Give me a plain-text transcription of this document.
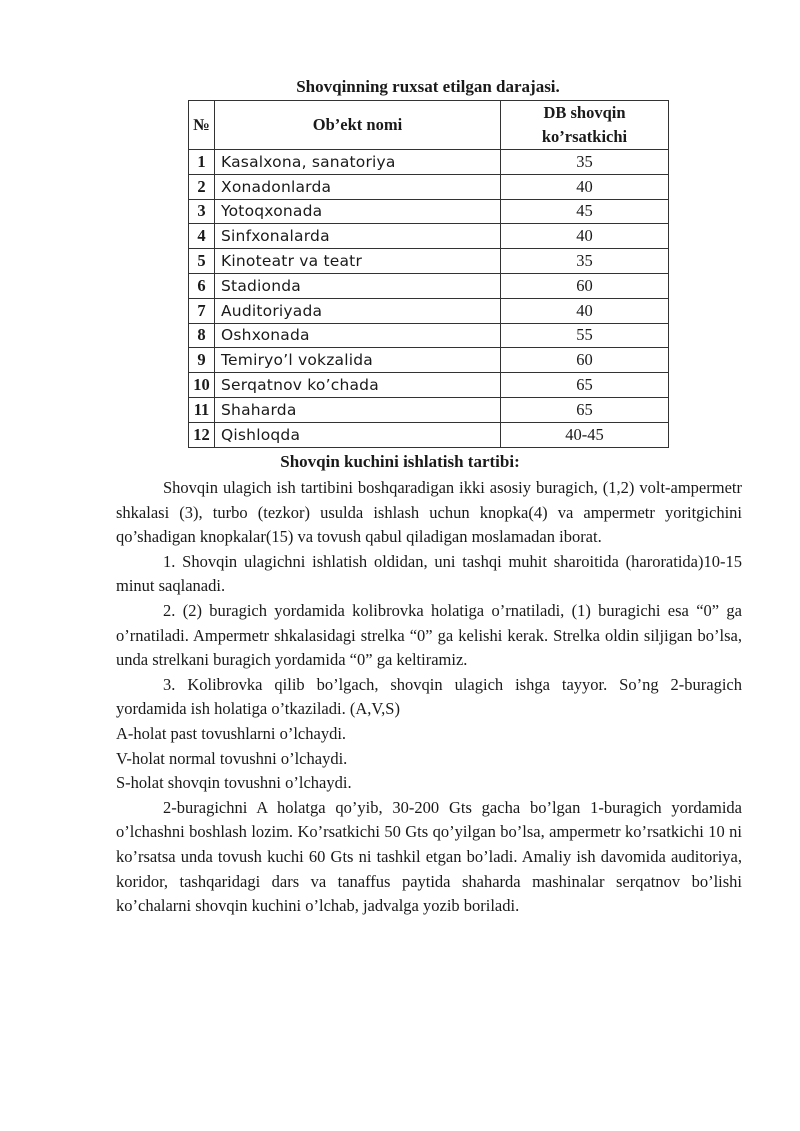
Shovqinning ruxsat etilgan darajasi.
№	Ob’ekt nomi	DB shovqin ko’rsatkichi
1	Kasalxona, sanatoriya	35
2	Xonadonlarda	40
3	Yotoqxonada	45
4	Sinfxonalarda	40
5	Kinoteatr va teatr	35
6	Stadionda	60
7	Auditoriyada	40
8	Oshxonada	55
9	Temiryo’l vokzalida	60
10	Serqatnov ko’chada	65
11	Shaharda	65
12	Qishloqda	40-45
Shovqin kuchini ishlatish tartibi:

Shovqin ulagich ish tartibini boshqaradigan ikki asosiy buragich, (1,2) volt-ampermetr shkalasi (3), turbo (tezkor) usulda ishlash uchun knopka(4) va ampermetr yoritgichini qo’shadigan knopkalar(15) va tovush qabul qiladigan moslamadan iborat.

1. Shovqin ulagichni ishlatish oldidan, uni tashqi muhit sharoitida (haroratida)10-15 minut saqlanadi.

2. (2) buragich yordamida kolibrovka holatiga o’rnatiladi, (1) buragichi esa “0” ga o’rnatiladi. Ampermetr shkalasidagi strelka “0” ga kelishi kerak. Strelka oldin siljigan bo’lsa, unda strelkani buragich yordamida “0” ga keltiramiz.

3. Kolibrovka qilib bo’lgach, shovqin ulagich ishga tayyor. So’ng 2-buragich yordamida ish holatiga o’tkaziladi. (A,V,S)

A-holat past tovushlarni o’lchaydi.

V-holat normal tovushni o’lchaydi.

S-holat shovqin tovushni o’lchaydi.

2-buragichni A holatga qo’yib, 30-200 Gts gacha bo’lgan 1-buragich yordamida o’lchashni boshlash lozim. Ko’rsatkichi 50 Gts qo’yilgan bo’lsa, ampermetr ko’rsatkichi 10 ni ko’rsatsa unda tovush kuchi 60 Gts ni tashkil etgan bo’ladi. Amaliy ish davomida auditoriya, koridor, tashqaridagi dars va tanaffus paytida shaharda mashinalar serqatnov bo’lishi ko’chalarni shovqin kuchini o’lchab, jadvalga yozib boriladi.
